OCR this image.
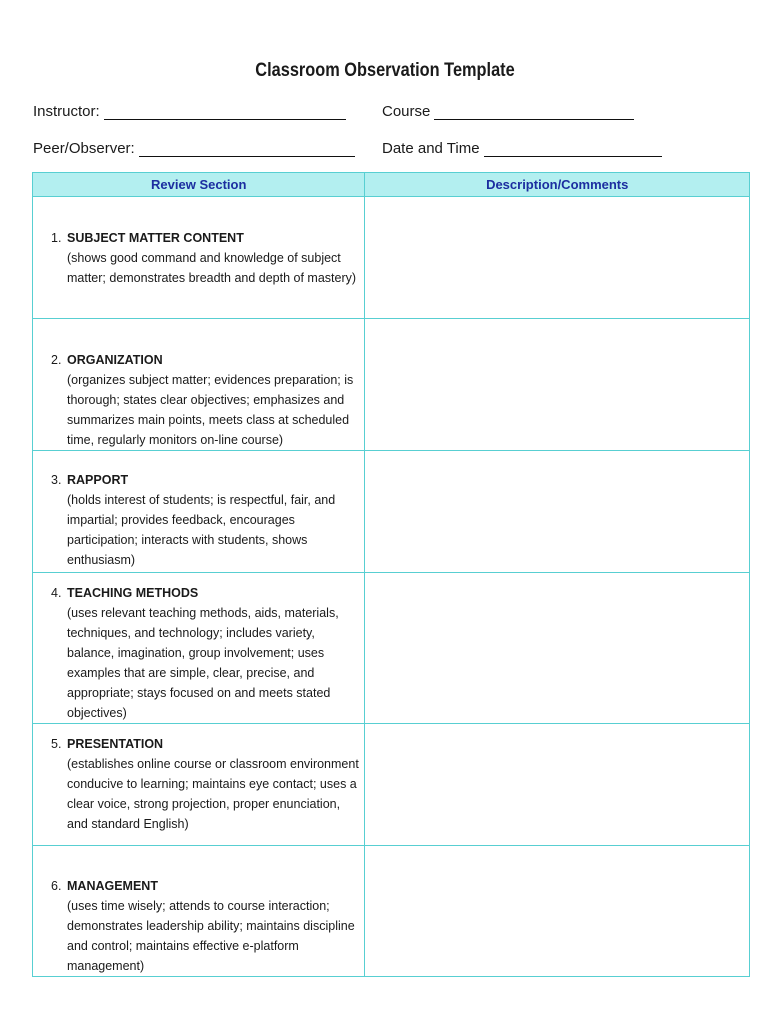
Classroom Observation Template
Instructor:
Peer/Observer:
Course
Date and Time
Review Section	Description/Comments

1. SUBJECT MATTER CONTENT
(shows good command and knowledge of subject matter; demonstrates breadth and depth of mastery)	

2. ORGANIZATION
(organizes subject matter; evidences preparation; is thorough; states clear objectives; emphasizes and summarizes main points, meets class at scheduled time, regularly monitors on-line course)	

3. RAPPORT
(holds interest of students; is respectful, fair, and impartial; provides feedback, encourages participation; interacts with students, shows enthusiasm)	

4. TEACHING METHODS
(uses relevant teaching methods, aids, materials, techniques, and technology; includes variety, balance, imagination, group involvement; uses examples that are simple, clear, precise, and appropriate; stays focused on and meets stated objectives)	

5. PRESENTATION
(establishes online course or classroom environment conducive to learning; maintains eye contact; uses a clear voice, strong projection, proper enunciation, and standard English)	

6. MANAGEMENT
(uses time wisely; attends to course interaction; demonstrates leadership ability; maintains discipline and control; maintains effective e-platform management)	
